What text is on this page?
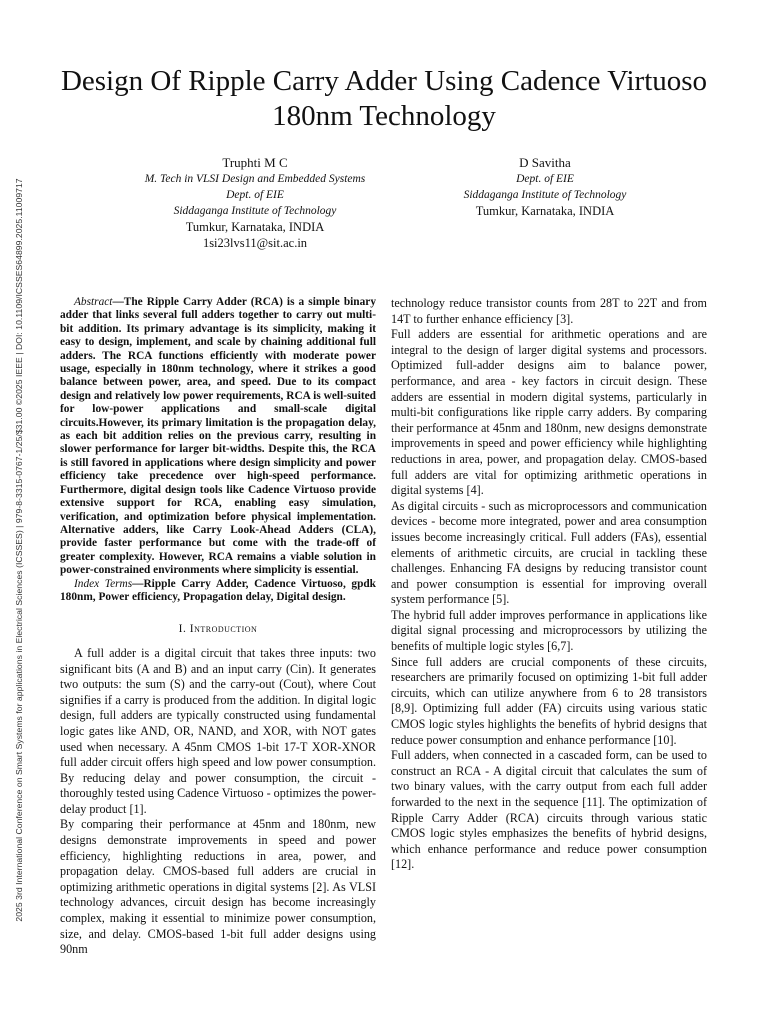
2025 3rd International Conference on Smart Systems for applications in Electrical Sciences (ICSSES) | 979-8-3315-0767-1/25/$31.00 ©2025 IEEE | DOI: 10.1109/ICSSES64899.2025.11009717
Design Of Ripple Carry Adder Using Cadence Virtuoso 180nm Technology
Truphti M C
M. Tech in VLSI Design and Embedded Systems
Dept. of EIE
Siddaganga Institute of Technology
Tumkur, Karnataka, INDIA
1si23lvs11@sit.ac.in
D Savitha
Dept. of EIE
Siddaganga Institute of Technology
Tumkur, Karnataka, INDIA

Abstract—The Ripple Carry Adder (RCA) is a simple binary adder that links several full adders together to carry out multi-bit addition. Its primary advantage is its simplicity, making it easy to design, implement, and scale by chaining additional full adders. The RCA functions efficiently with moderate power usage, especially in 180nm technology, where it strikes a good balance between power, area, and speed. Due to its compact design and relatively low power requirements, RCA is well-suited for low-power applications and small-scale digital circuits.However, its primary limitation is the propagation delay, as each bit addition relies on the previous carry, resulting in slower performance for larger bit-widths. Despite this, the RCA is still favored in applications where design simplicity and power efficiency take precedence over high-speed performance. Furthermore, digital design tools like Cadence Virtuoso provide extensive support for RCA, enabling easy simulation, verification, and optimization before physical implementation. Alternative adders, like Carry Look-Ahead Adders (CLA), provide faster performance but come with the trade-off of greater complexity. However, RCA remains a viable solution in power-constrained environments where simplicity is essential.

Index Terms—Ripple Carry Adder, Cadence Virtuoso, gpdk 180nm, Power efficiency, Propagation delay, Digital design.

I. Introduction

A full adder is a digital circuit that takes three inputs: two significant bits (A and B) and an input carry (Cin). It generates two outputs: the sum (S) and the carry-out (Cout), where Cout signifies if a carry is produced from the addition. In digital logic design, full adders are typically constructed using fundamental logic gates like AND, OR, NAND, and XOR, with NOT gates used when necessary. A 45nm CMOS 1-bit 17-T XOR-XNOR full adder circuit offers high speed and low power consumption. By reducing delay and power consumption, the circuit - thoroughly tested using Cadence Virtuoso - optimizes the power-delay product [1].

By comparing their performance at 45nm and 180nm, new designs demonstrate improvements in speed and power efficiency, highlighting reductions in area, power, and propagation delay. CMOS-based full adders are crucial in optimizing arithmetic operations in digital systems [2]. As VLSI technology advances, circuit design has become increasingly complex, making it essential to minimize power consumption, size, and delay. CMOS-based 1-bit full adder designs using 90nm

technology reduce transistor counts from 28T to 22T and from 14T to further enhance efficiency [3].

Full adders are essential for arithmetic operations and are integral to the design of larger digital systems and processors. Optimized full-adder designs aim to balance power, performance, and area - key factors in circuit design. These adders are essential in modern digital systems, particularly in multi-bit configurations like ripple carry adders. By comparing their performance at 45nm and 180nm, new designs demonstrate improvements in speed and power efficiency while highlighting reductions in area, power, and propagation delay. CMOS-based full adders are vital for optimizing arithmetic operations in digital systems [4].

As digital circuits - such as microprocessors and communication devices - become more integrated, power and area consumption issues become increasingly critical. Full adders (FAs), essential elements of arithmetic circuits, are crucial in tackling these challenges. Enhancing FA designs by reducing transistor count and power consumption is essential for improving overall system performance [5].

The hybrid full adder improves performance in applications like digital signal processing and microprocessors by utilizing the benefits of multiple logic styles [6,7].

Since full adders are crucial components of these circuits, researchers are primarily focused on optimizing 1-bit full adder circuits, which can utilize anywhere from 6 to 28 transistors [8,9]. Optimizing full adder (FA) circuits using various static CMOS logic styles highlights the benefits of hybrid designs that reduce power consumption and enhance performance [10].

Full adders, when connected in a cascaded form, can be used to construct an RCA - A digital circuit that calculates the sum of two binary values, with the carry output from each full adder forwarded to the next in the sequence [11]. The optimization of Ripple Carry Adder (RCA) circuits through various static CMOS logic styles emphasizes the benefits of hybrid designs, which enhance performance and reduce power consumption [12].
